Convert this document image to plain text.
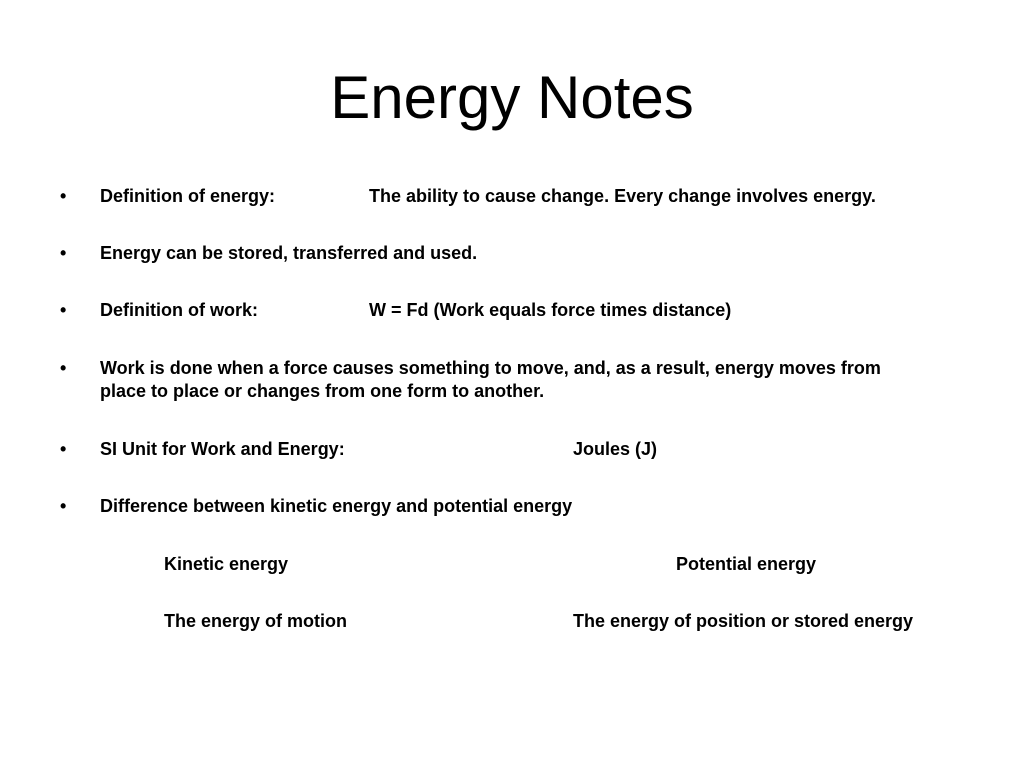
Energy Notes
• Definition of energy:	The ability to cause change. Every change involves energy.
• Energy can be stored, transferred and used.
• Definition of work:	W = Fd (Work equals force times distance)
• Work is done when a force causes something to move, and, as a result, energy moves from
place to place or changes from one form to another.
• SI Unit for Work and Energy:	Joules (J)
• Difference between kinetic energy and potential energy
Kinetic energy	Potential energy
The energy of motion	The energy of position or stored energy
